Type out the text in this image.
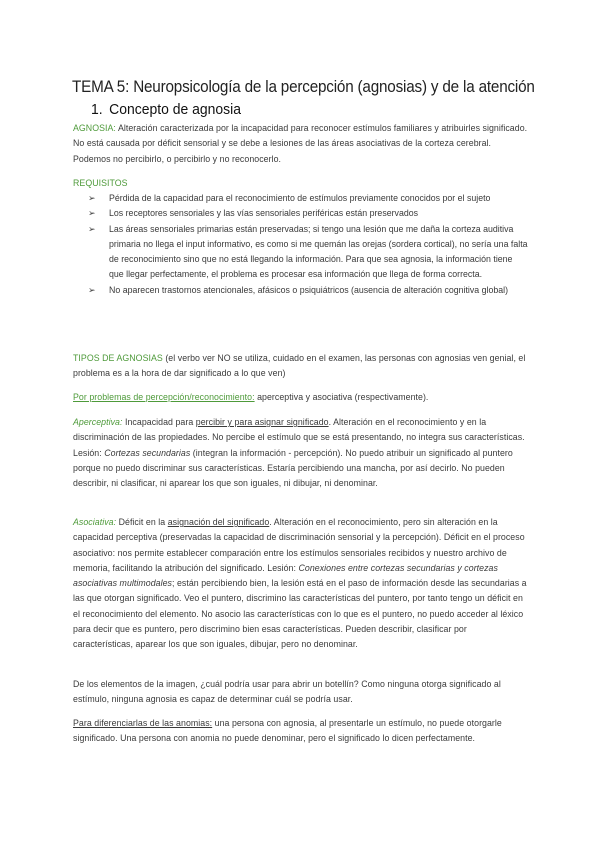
TEMA 5: Neuropsicología de la percepción (agnosias) y de la atención
1. Concepto de agnosia
AGNOSIA: Alteración caracterizada por la incapacidad para reconocer estímulos familiares y atribuirles significado. No está causada por déficit sensorial y se debe a lesiones de las áreas asociativas de la corteza cerebral. Podemos no percibirlo, o percibirlo y no reconocerlo.
REQUISITOS
➢ Pérdida de la capacidad para el reconocimiento de estímulos previamente conocidos por el sujeto
➢ Los receptores sensoriales y las vías sensoriales periféricas están preservados
➢ Las áreas sensoriales primarias están preservadas; si tengo una lesión que me daña la corteza auditiva primaria no llega el input informativo, es como si me quemán las orejas (sordera cortical), no sería una falta de reconocimiento sino que no está llegando la información. Para que sea agnosia, la información tiene que llegar perfectamente, el problema es procesar esa información que llega de forma correcta.
➢ No aparecen trastornos atencionales, afásicos o psiquiátricos (ausencia de alteración cognitiva global)
TIPOS DE AGNOSIAS (el verbo ver NO se utiliza, cuidado en el examen, las personas con agnosias ven genial, el problema es a la hora de dar significado a lo que ven)
Por problemas de percepción/reconocimiento: aperceptiva y asociativa (respectivamente).
Aperceptiva: Incapacidad para percibir y para asignar significado. Alteración en el reconocimiento y en la discriminación de las propiedades. No percibe el estímulo que se está presentando, no integra sus características. Lesión: Cortezas secundarias (integran la información - percepción). No puedo atribuir un significado al puntero porque no puedo discriminar sus características. Estaría percibiendo una mancha, por así decirlo. No pueden describir, ni clasificar, ni aparear los que son iguales, ni dibujar, ni denominar.
Asociativa: Déficit en la asignación del significado. Alteración en el reconocimiento, pero sin alteración en la capacidad perceptiva (preservadas la capacidad de discriminación sensorial y la percepción). Déficit en el proceso asociativo: nos permite establecer comparación entre los estímulos sensoriales recibidos y nuestro archivo de memoria, facilitando la atribución del significado. Lesión: Conexiones entre cortezas secundarias y cortezas asociativas multimodales; están percibiendo bien, la lesión está en el paso de información desde las secundarias a las que otorgan significado. Veo el puntero, discrimino las características del puntero, por tanto tengo un déficit en el reconocimiento del elemento. No asocio las características con lo que es el puntero, no puedo acceder al léxico para decir que es puntero, pero discrimino bien esas características. Pueden describir, clasificar por características, aparear los que son iguales, dibujar, pero no denominar.
De los elementos de la imagen, ¿cuál podría usar para abrir un botellín? Como ninguna otorga significado al estímulo, ninguna agnosia es capaz de determinar cuál se podría usar.
Para diferenciarlas de las anomias: una persona con agnosia, al presentarle un estímulo, no puede otorgarle significado. Una persona con anomia no puede denominar, pero el significado lo dicen perfectamente.
